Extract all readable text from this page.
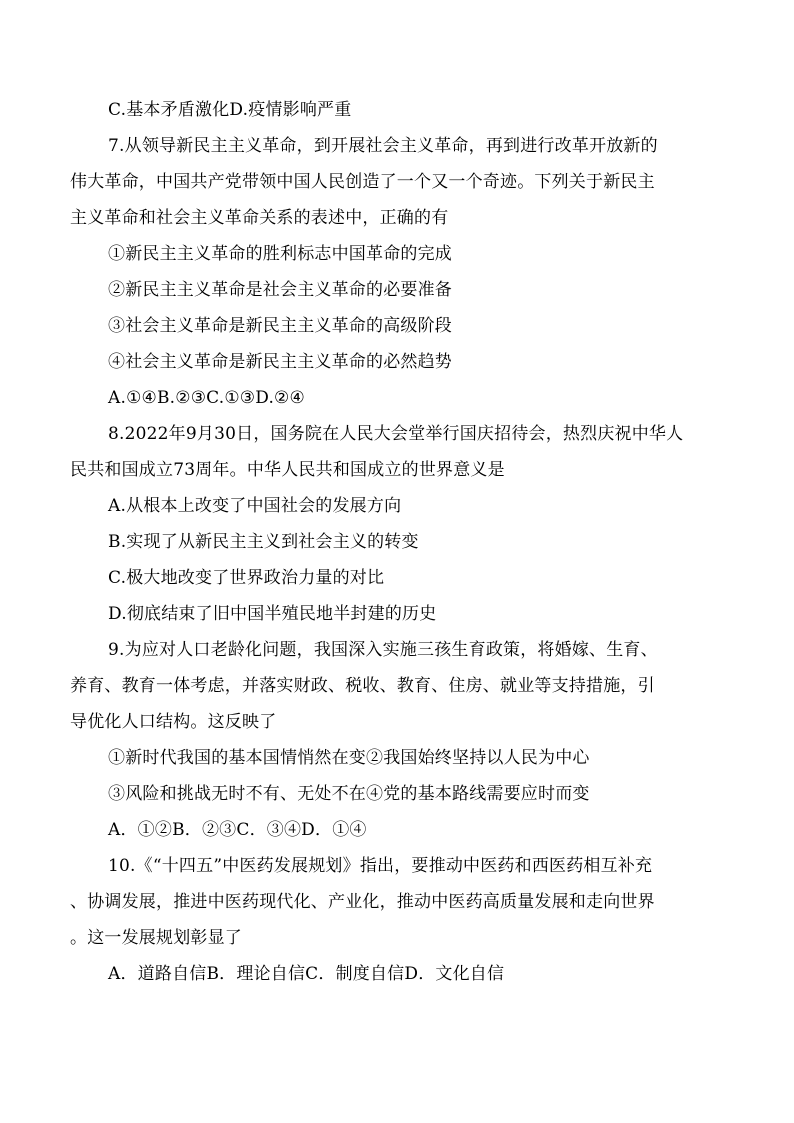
C.基本矛盾激化D.疫情影响严重
7.从领导新民主主义革命，到开展社会主义革命，再到进行改革开放新的
伟大革命，中国共产党带领中国人民创造了一个又一个奇迹。下列关于新民主
主义革命和社会主义革命关系的表述中，正确的有
①新民主主义革命的胜利标志中国革命的完成
②新民主主义革命是社会主义革命的必要准备
③社会主义革命是新民主主义革命的高级阶段
④社会主义革命是新民主主义革命的必然趋势
A.①④B.②③C.①③D.②④
8.2022年9月30日，国务院在人民大会堂举行国庆招待会，热烈庆祝中华人
民共和国成立73周年。中华人民共和国成立的世界意义是
A.从根本上改变了中国社会的发展方向
B.实现了从新民主主义到社会主义的转变
C.极大地改变了世界政治力量的对比
D.彻底结束了旧中国半殖民地半封建的历史
9.为应对人口老龄化问题，我国深入实施三孩生育政策，将婚嫁、生育、
养育、教育一体考虑，并落实财政、税收、教育、住房、就业等支持措施，引
导优化人口结构。这反映了
①新时代我国的基本国情悄然在变②我国始终坚持以人民为中心
③风险和挑战无时不有、无处不在④党的基本路线需要应时而变
A．①②B．②③C．③④D．①④
10.《“十四五”中医药发展规划》指出，要推动中医药和西医药相互补充
、协调发展，推进中医药现代化、产业化，推动中医药高质量发展和走向世界
。这一发展规划彰显了
A．道路自信B．理论自信C．制度自信D．文化自信
